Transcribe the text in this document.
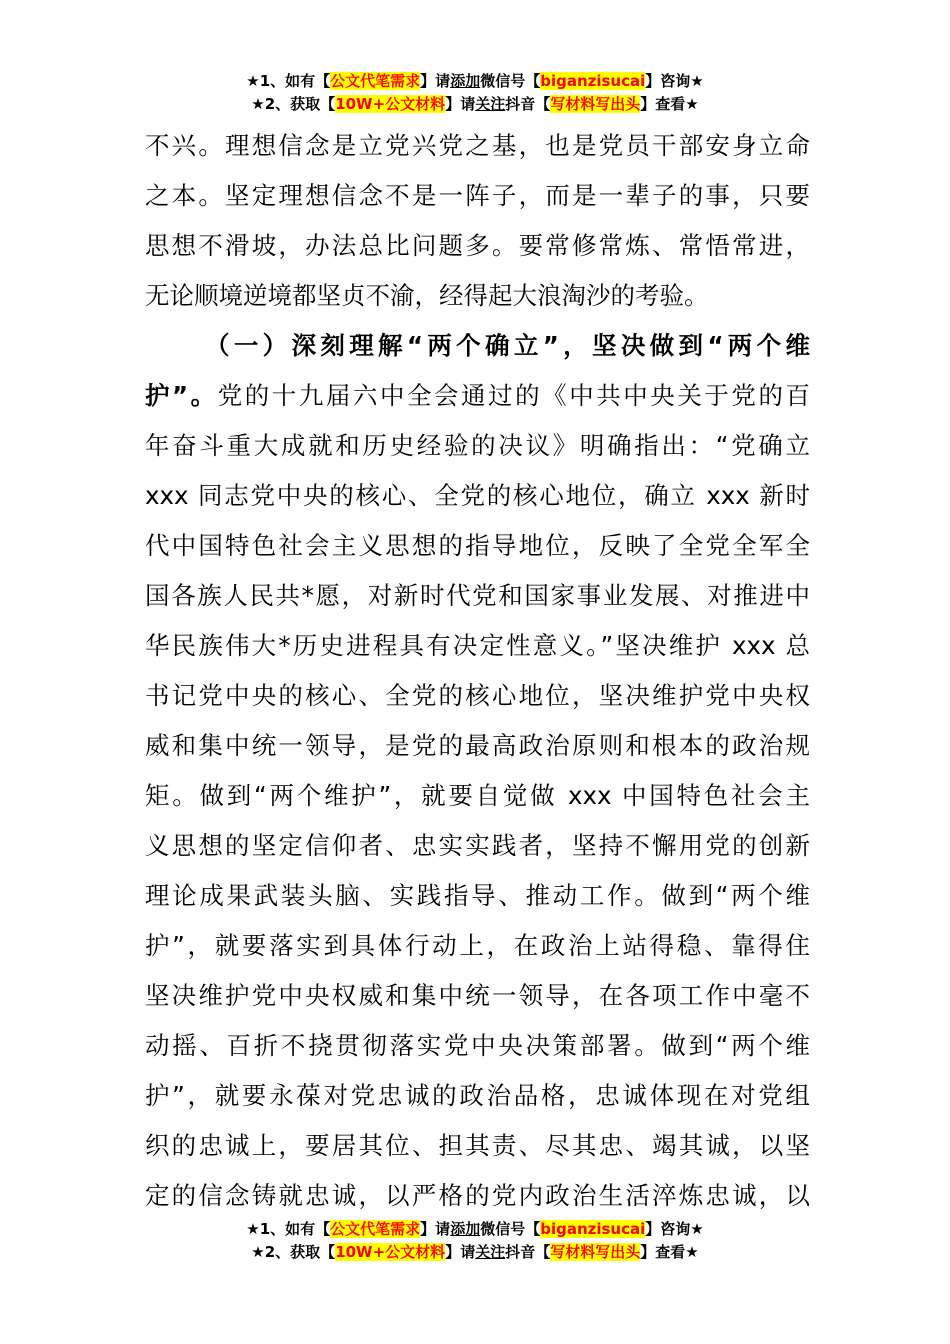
★1、如有【公文代笔需求】请添加微信号【biganzisucai】咨询★
★2、获取【10W+公文材料】请关注抖音【写材料写出头】查看★
不兴。理想信念是立党兴党之基，也是党员干部安身立命
之本。坚定理想信念不是一阵子，而是一辈子的事，只要
思想不滑坡，办法总比问题多。要常修常炼、常悟常进，
无论顺境逆境都坚贞不渝，经得起大浪淘沙的考验。
（一）深刻理解“两个确立”，坚决做到“两个维
护”。党的十九届六中全会通过的《中共中央关于党的百
年奋斗重大成就和历史经验的决议》明确指出：“党确立
xxx 同志党中央的核心、全党的核心地位，确立 xxx 新时
代中国特色社会主义思想的指导地位，反映了全党全军全
国各族人民共*愿，对新时代党和国家事业发展、对推进中
华民族伟大*历史进程具有决定性意义。”坚决维护 xxx 总
书记党中央的核心、全党的核心地位，坚决维护党中央权
威和集中统一领导，是党的最高政治原则和根本的政治规
矩。做到“两个维护”，就要自觉做 xxx 中国特色社会主
义思想的坚定信仰者、忠实实践者，坚持不懈用党的创新
理论成果武装头脑、实践指导、推动工作。做到“两个维
护”，就要落实到具体行动上，在政治上站得稳、靠得住
坚决维护党中央权威和集中统一领导，在各项工作中毫不
动摇、百折不挠贯彻落实党中央决策部署。做到“两个维
护”，就要永葆对党忠诚的政治品格，忠诚体现在对党组
织的忠诚上，要居其位、担其责、尽其忠、竭其诚，以坚
定的信念铸就忠诚，以严格的党内政治生活淬炼忠诚，以
★1、如有【公文代笔需求】请添加微信号【biganzisucai】咨询★
★2、获取【10W+公文材料】请关注抖音【写材料写出头】查看★
